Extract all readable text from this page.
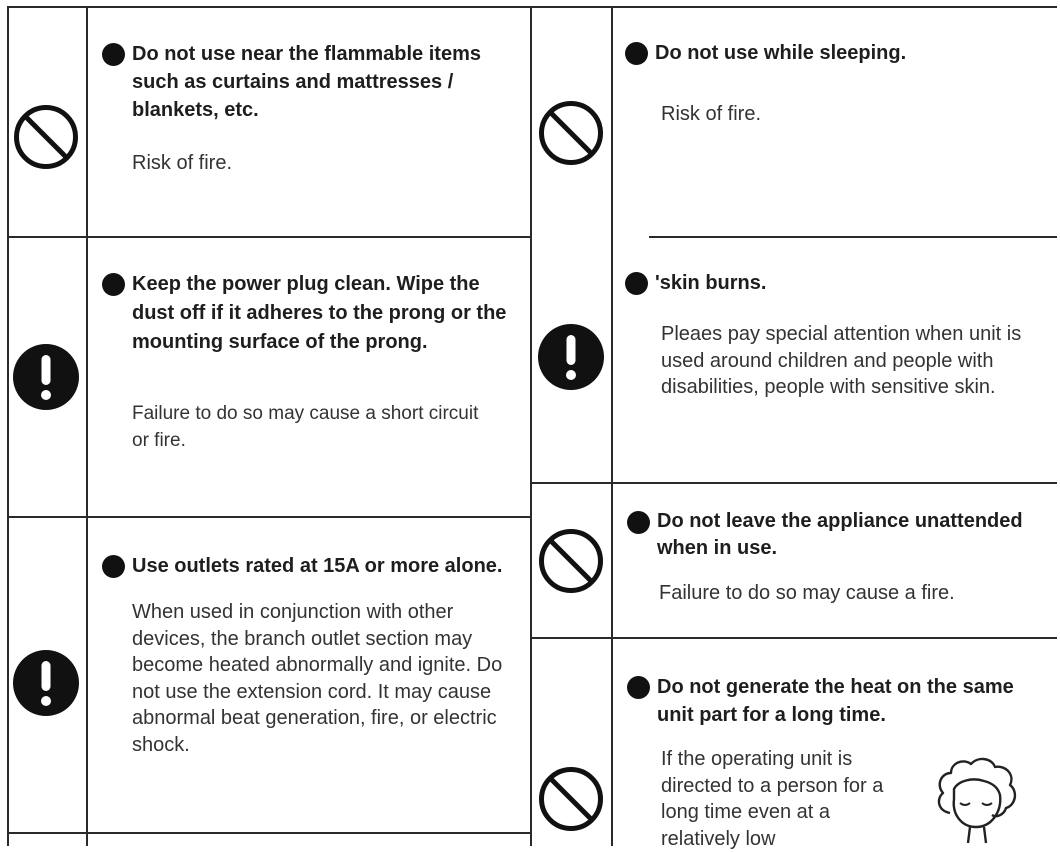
Do not use near the flammable items such as curtains and mattresses / blankets, etc.
Risk of fire.
Keep the power plug clean. Wipe the dust off if it adheres to the prong or the mounting surface of the prong.
Failure to do so may cause a short circuit or fire.
Use outlets rated at 15A or more alone.
When used in conjunction with other devices, the branch outlet section may become heated abnormally and ignite. Do not use the extension cord. It may cause abnormal beat generation, fire, or electric shock.
Do not use while sleeping.
Risk of fire.
'skin burns.
Pleaes pay special attention when unit is used around children and people with disabilities, people with sensitive skin.
Do not leave the appliance unattended when in use.
Failure to do so may cause a fire.
Do not generate the heat on the same unit part for a long time.
If the operating unit is directed to a person for a long time even at a relatively low
